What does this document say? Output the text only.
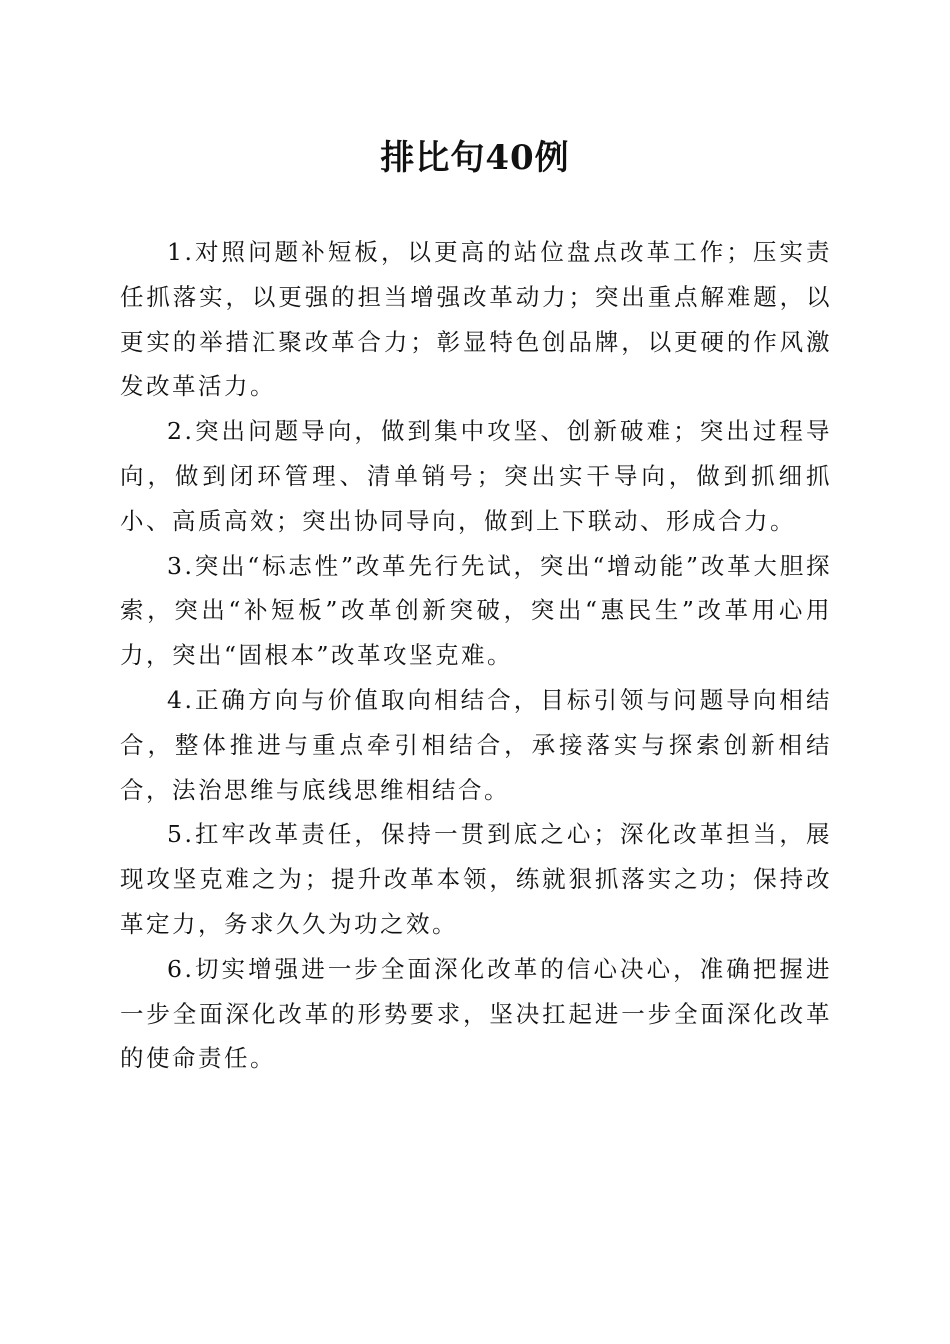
排比句40例

1.对照问题补短板，以更高的站位盘点改革工作；压实责任抓落实，以更强的担当增强改革动力；突出重点解难题，以更实的举措汇聚改革合力；彰显特色创品牌，以更硬的作风激发改革活力。

2.突出问题导向，做到集中攻坚、创新破难；突出过程导向，做到闭环管理、清单销号；突出实干导向，做到抓细抓小、高质高效；突出协同导向，做到上下联动、形成合力。

3.突出“标志性”改革先行先试，突出“增动能”改革大胆探索，突出“补短板”改革创新突破，突出“惠民生”改革用心用力，突出“固根本”改革攻坚克难。

4.正确方向与价值取向相结合，目标引领与问题导向相结合，整体推进与重点牵引相结合，承接落实与探索创新相结合，法治思维与底线思维相结合。

5.扛牢改革责任，保持一贯到底之心；深化改革担当，展现攻坚克难之为；提升改革本领，练就狠抓落实之功；保持改革定力，务求久久为功之效。

6.切实增强进一步全面深化改革的信心决心，准确把握进一步全面深化改革的形势要求，坚决扛起进一步全面深化改革的使命责任。
